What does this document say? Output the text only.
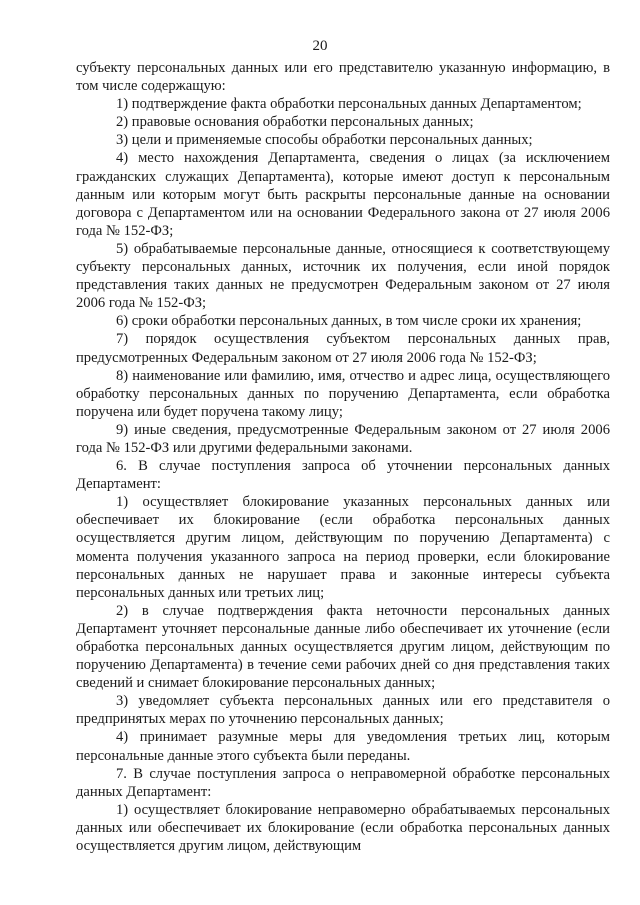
20

субъекту персональных данных или его представителю указанную информацию, в том числе содержащую:

1) подтверждение факта обработки персональных данных Департаментом;

2) правовые основания обработки персональных данных;

3) цели и применяемые способы обработки персональных данных;

4) место нахождения Департамента, сведения о лицах (за исключением гражданских служащих Департамента), которые имеют доступ к персональным данным или которым могут быть раскрыты персональные данные на основании договора с Департаментом или на основании Федерального закона от 27 июля 2006 года № 152-ФЗ;

5) обрабатываемые персональные данные, относящиеся к соответствующему субъекту персональных данных, источник их получения, если иной порядок представления таких данных не предусмотрен Федеральным законом от 27 июля 2006 года № 152-ФЗ;

6) сроки обработки персональных данных, в том числе сроки их хранения;

7) порядок осуществления субъектом персональных данных прав, предусмотренных Федеральным законом от 27 июля 2006 года № 152-ФЗ;

8) наименование или фамилию, имя, отчество и адрес лица, осуществляющего обработку персональных данных по поручению Департамента, если обработка поручена или будет поручена такому лицу;

9) иные сведения, предусмотренные Федеральным законом от 27 июля 2006 года № 152-ФЗ или другими федеральными законами.

6. В случае поступления запроса об уточнении персональных данных Департамент:

1) осуществляет блокирование указанных персональных данных или обеспечивает их блокирование (если обработка персональных данных осуществляется другим лицом, действующим по поручению Департамента) с момента получения указанного запроса на период проверки, если блокирование персональных данных не нарушает права и законные интересы субъекта персональных данных или третьих лиц;

2) в случае подтверждения факта неточности персональных данных Департамент уточняет персональные данные либо обеспечивает их уточнение (если обработка персональных данных осуществляется другим лицом, действующим по поручению Департамента) в течение семи рабочих дней со дня представления таких сведений и снимает блокирование персональных данных;

3) уведомляет субъекта персональных данных или его представителя о предпринятых мерах по уточнению персональных данных;

4) принимает разумные меры для уведомления третьих лиц, которым персональные данные этого субъекта были переданы.

7. В случае поступления запроса о неправомерной обработке персональных данных Департамент:

1) осуществляет блокирование неправомерно обрабатываемых персональных данных или обеспечивает их блокирование (если обработка персональных данных осуществляется другим лицом, действующим
